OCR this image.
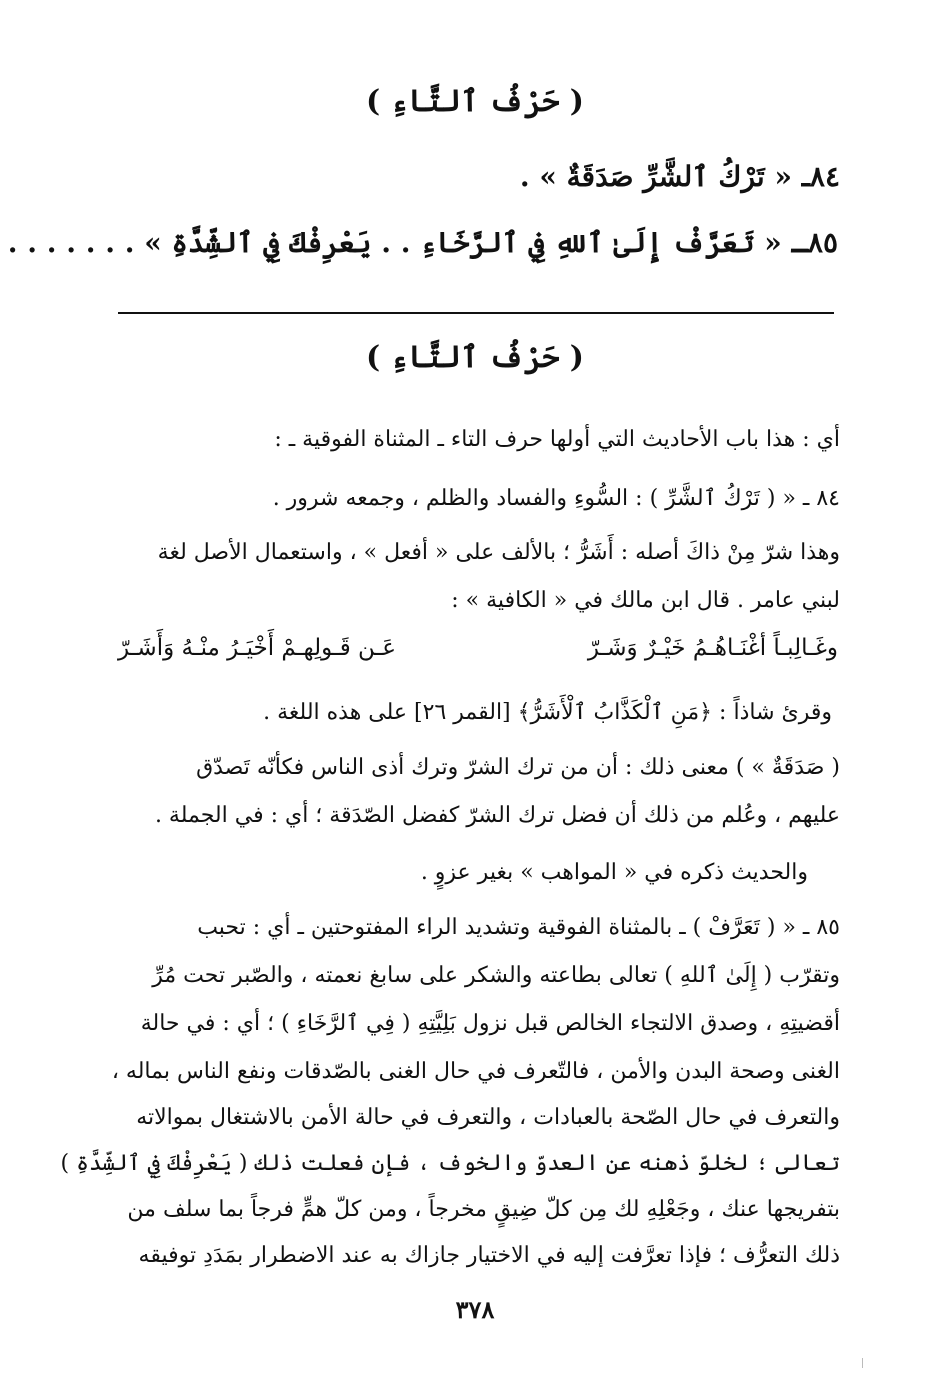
( حَرْفُ ٱلتَّاءِ )
٨٤ـ « تَرْكُ ٱلشَّرِّ صَدَقَةٌ » .
٨٥ـ « تَعَرَّفْ إِلَىٰ ٱللهِ فِي ٱلرَّخَاءِ . . يَعْرِفْكَ فِي ٱلشِّدَّةِ » . . . . . . .
( حَرْفُ ٱلتَّاءِ )
أي : هذا باب الأحاديث التي أولها حرف التاء ـ المثناة الفوقية ـ :
٨٤ ـ « ( تَرْكُ ٱلشَّرِّ ) : السُّوءِ والفساد والظلم ، وجمعه شرور .
وهذا شرّ مِنْ ذاكَ أصله : أَشَرُّ ؛ بالألف على « أفعل » ، واستعمال الأصل لغة
لبني عامر . قال ابن مالك في « الكافية » :
وغَـالِبـاً أغْنَـاهُـمُ خَيْـرٌ وَشَـرّ
عَـن قَـولِهـمْ أَخْيَـرُ منْـهُ وَأَشَـرّ
وقرئ شاذاً : ﴿مَنِ ٱلْكَذَّابُ ٱلْأَشَرُّ﴾ [القمر ٢٦] على هذه اللغة .
( صَدَقَةٌ » ) معنى ذلك : أن من ترك الشرّ وترك أذى الناس فكأنّه تَصدّق
عليهم ، وعُلم من ذلك أن فضل ترك الشرّ كفضل الصّدَقة ؛ أي : في الجملة .
والحديث ذكره في « المواهب » بغير عزوٍ .
٨٥ ـ « ( تَعَرَّفْ ) ـ بالمثناة الفوقية وتشديد الراء المفتوحتين ـ أي : تحبب
وتقرّب ( إِلَىٰ ٱللهِ ) تعالى بطاعته والشكر على سابغ نعمته ، والصّبر تحت مُرِّ
أقضيتِهِ ، وصدق الالتجاء الخالص قبل نزول بَلِيَّتِهِ ( فِي ٱلرَّخَاءِ ) ؛ أي : في حالة
الغنى وصحة البدن والأمن ، فالتّعرف في حال الغنى بالصّدقات ونفع الناس بماله ،
والتعرف في حال الصّحة بالعبادات ، والتعرف في حالة الأمن بالاشتغال بموالاته
تعالى ؛ لخلوّ ذهنه عن العدوّ والخوف ، فإن فعلت ذلك ( يَعْرِفْكَ فِي ٱلشِّدَّةِ )
بتفريجها عنك ، وجَعْلِهِ لك مِن كلّ ضِيقٍ مخرجاً ، ومن كلّ همٍّ فرجاً بما سلف من
ذلك التعرُّف ؛ فإذا تعرَّفت إليه في الاختيار جازاك به عند الاضطرار بمَدَدِ توفيقه
٣٧٨
